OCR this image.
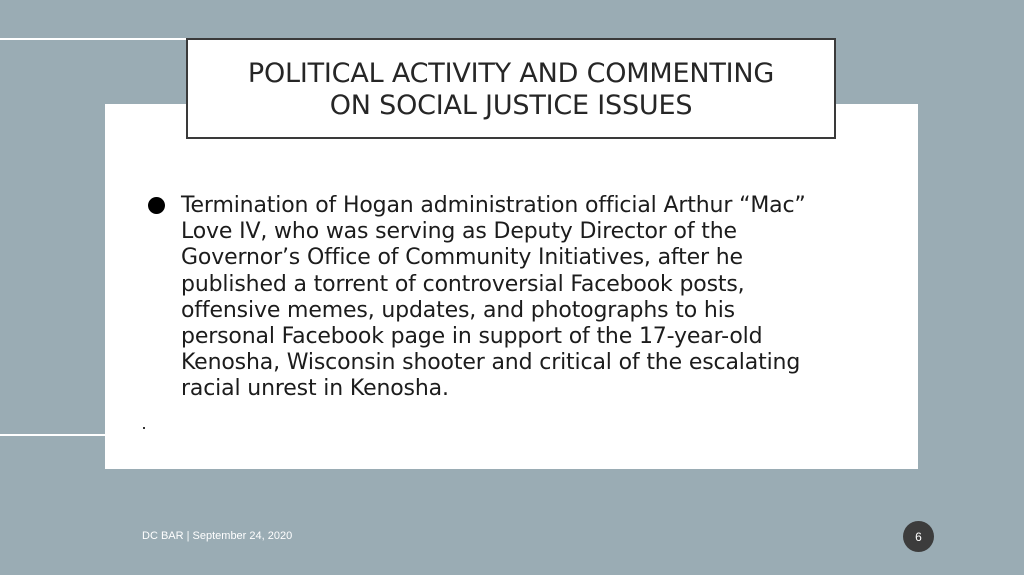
POLITICAL ACTIVITY AND COMMENTING
ON SOCIAL JUSTICE ISSUES
Termination of Hogan administration official Arthur “Mac”
Love IV, who was serving as Deputy Director of the
Governor’s Office of Community Initiatives, after he
published a torrent of controversial Facebook posts,
offensive memes, updates, and photographs to his
personal Facebook page in support of the 17-year-old
Kenosha, Wisconsin shooter and critical of the escalating
racial unrest in Kenosha.
DC BAR | September 24, 2020	6
